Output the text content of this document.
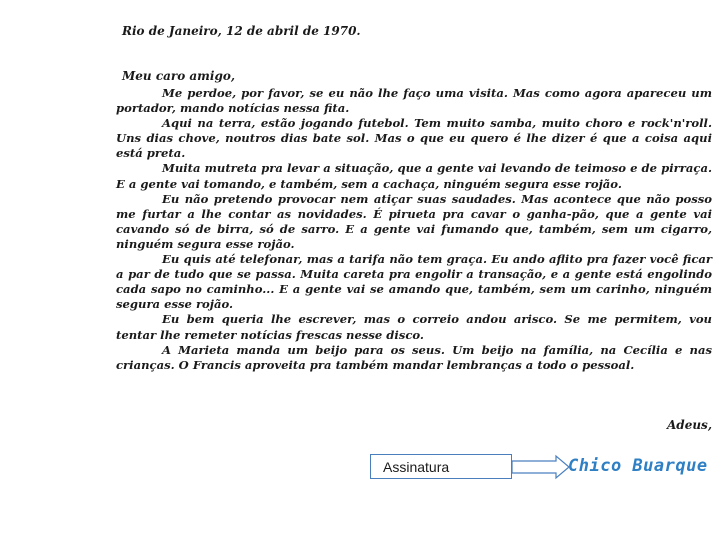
Rio de Janeiro, 12 de abril de 1970.
Meu caro amigo,

Me perdoe, por favor, se eu não lhe faço uma visita. Mas como agora apareceu um portador, mando notícias nessa fita.

Aqui na terra, estão jogando futebol. Tem muito samba, muito choro e rock'n'roll. Uns dias chove, noutros dias bate sol. Mas o que eu quero é lhe dizer é que a coisa aqui está preta.

Muita mutreta pra levar a situação, que a gente vai levando de teimoso e de pirraça. E a gente vai tomando, e também, sem a cachaça, ninguém segura esse rojão.

Eu não pretendo provocar nem atiçar suas saudades. Mas acontece que não posso me furtar a lhe contar as novidades. É pirueta pra cavar o ganha-pão, que a gente vai cavando só de birra, só de sarro. E a gente vai fumando que, também, sem um cigarro, ninguém segura esse rojão.

Eu quis até telefonar, mas a tarifa não tem graça. Eu ando aflito pra fazer você ficar a par de tudo que se passa. Muita careta pra engolir a transação, e a gente está engolindo cada sapo no caminho... E a gente vai se amando que, também, sem um carinho, ninguém segura esse rojão.

Eu bem queria lhe escrever, mas o correio andou arisco. Se me permitem, vou tentar lhe remeter notícias frescas nesse disco.

A Marieta manda um beijo para os seus. Um beijo na família, na Cecília e nas crianças. O Francis aproveita pra também mandar lembranças a todo o pessoal.

Adeus,
Assinatura	Chico Buarque
